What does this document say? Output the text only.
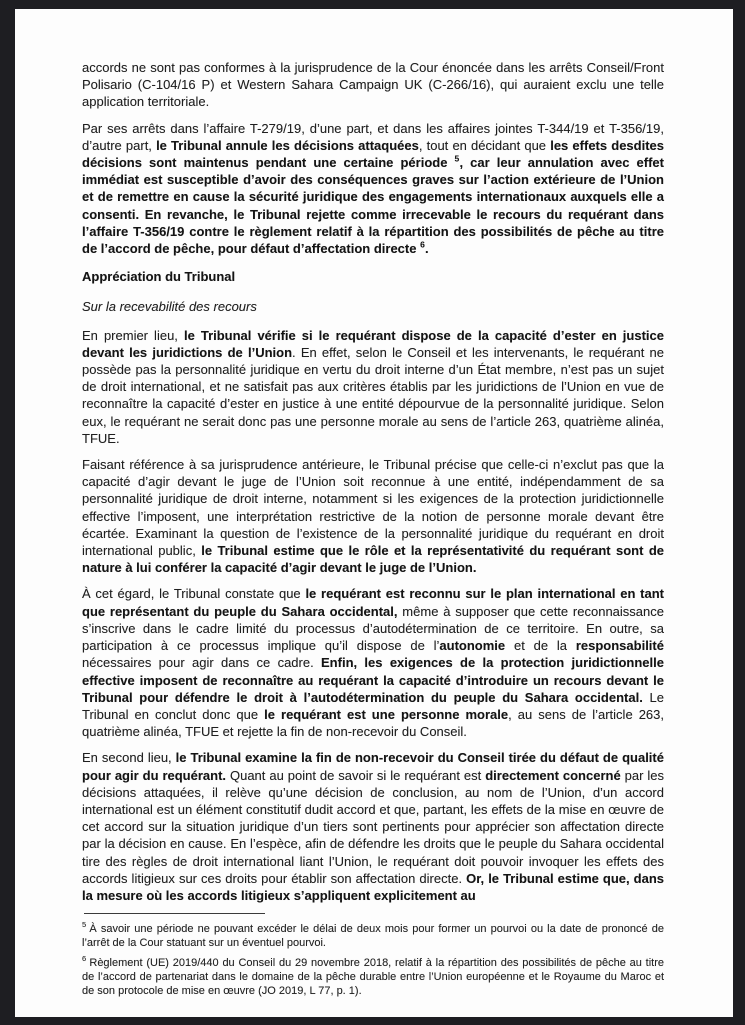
accords ne sont pas conformes à la jurisprudence de la Cour énoncée dans les arrêts Conseil/Front Polisario (C-104/16 P) et Western Sahara Campaign UK (C-266/16), qui auraient exclu une telle application territoriale.

Par ses arrêts dans l’affaire T-279/19, d’une part, et dans les affaires jointes T-344/19 et T-356/19, d’autre part, le Tribunal annule les décisions attaquées, tout en décidant que les effets desdites décisions sont maintenus pendant une certaine période $^5$, car leur annulation avec effet immédiat est susceptible d’avoir des conséquences graves sur l’action extérieure de l’Union et de remettre en cause la sécurité juridique des engagements internationaux auxquels elle a consenti. En revanche, le Tribunal rejette comme irrecevable le recours du requérant dans l’affaire T-356/19 contre le règlement relatif à la répartition des possibilités de pêche au titre de l’accord de pêche, pour défaut d’affectation directe $^6$.

Appréciation du Tribunal

Sur la recevabilité des recours

En premier lieu, le Tribunal vérifie si le requérant dispose de la capacité d’ester en justice devant les juridictions de l’Union. En effet, selon le Conseil et les intervenants, le requérant ne possède pas la personnalité juridique en vertu du droit interne d’un État membre, n’est pas un sujet de droit international, et ne satisfait pas aux critères établis par les juridictions de l’Union en vue de reconnaître la capacité d’ester en justice à une entité dépourvue de la personnalité juridique. Selon eux, le requérant ne serait donc pas une personne morale au sens de l’article 263, quatrième alinéa, TFUE.

Faisant référence à sa jurisprudence antérieure, le Tribunal précise que celle-ci n’exclut pas que la capacité d’agir devant le juge de l’Union soit reconnue à une entité, indépendamment de sa personnalité juridique de droit interne, notamment si les exigences de la protection juridictionnelle effective l’imposent, une interprétation restrictive de la notion de personne morale devant être écartée. Examinant la question de l’existence de la personnalité juridique du requérant en droit international public, le Tribunal estime que le rôle et la représentativité du requérant sont de nature à lui conférer la capacité d’agir devant le juge de l’Union.

À cet égard, le Tribunal constate que le requérant est reconnu sur le plan international en tant que représentant du peuple du Sahara occidental, même à supposer que cette reconnaissance s’inscrive dans le cadre limité du processus d’autodétermination de ce territoire. En outre, sa participation à ce processus implique qu’il dispose de l’autonomie et de la responsabilité nécessaires pour agir dans ce cadre. Enfin, les exigences de la protection juridictionnelle effective imposent de reconnaître au requérant la capacité d’introduire un recours devant le Tribunal pour défendre le droit à l’autodétermination du peuple du Sahara occidental. Le Tribunal en conclut donc que le requérant est une personne morale, au sens de l’article 263, quatrième alinéa, TFUE et rejette la fin de non-recevoir du Conseil.

En second lieu, le Tribunal examine la fin de non-recevoir du Conseil tirée du défaut de qualité pour agir du requérant. Quant au point de savoir si le requérant est directement concerné par les décisions attaquées, il relève qu’une décision de conclusion, au nom de l’Union, d’un accord international est un élément constitutif dudit accord et que, partant, les effets de la mise en œuvre de cet accord sur la situation juridique d’un tiers sont pertinents pour apprécier son affectation directe par la décision en cause. En l’espèce, afin de défendre les droits que le peuple du Sahara occidental tire des règles de droit international liant l’Union, le requérant doit pouvoir invoquer les effets des accords litigieux sur ces droits pour établir son affectation directe. Or, le Tribunal estime que, dans la mesure où les accords litigieux s’appliquent explicitement au

$^5$ À savoir une période ne pouvant excéder le délai de deux mois pour former un pourvoi ou la date de prononcé de l’arrêt de la Cour statuant sur un éventuel pourvoi.

$^6$ Règlement (UE) 2019/440 du Conseil du 29 novembre 2018, relatif à la répartition des possibilités de pêche au titre de l’accord de partenariat dans le domaine de la pêche durable entre l’Union européenne et le Royaume du Maroc et de son protocole de mise en œuvre (JO 2019, L 77, p. 1).
